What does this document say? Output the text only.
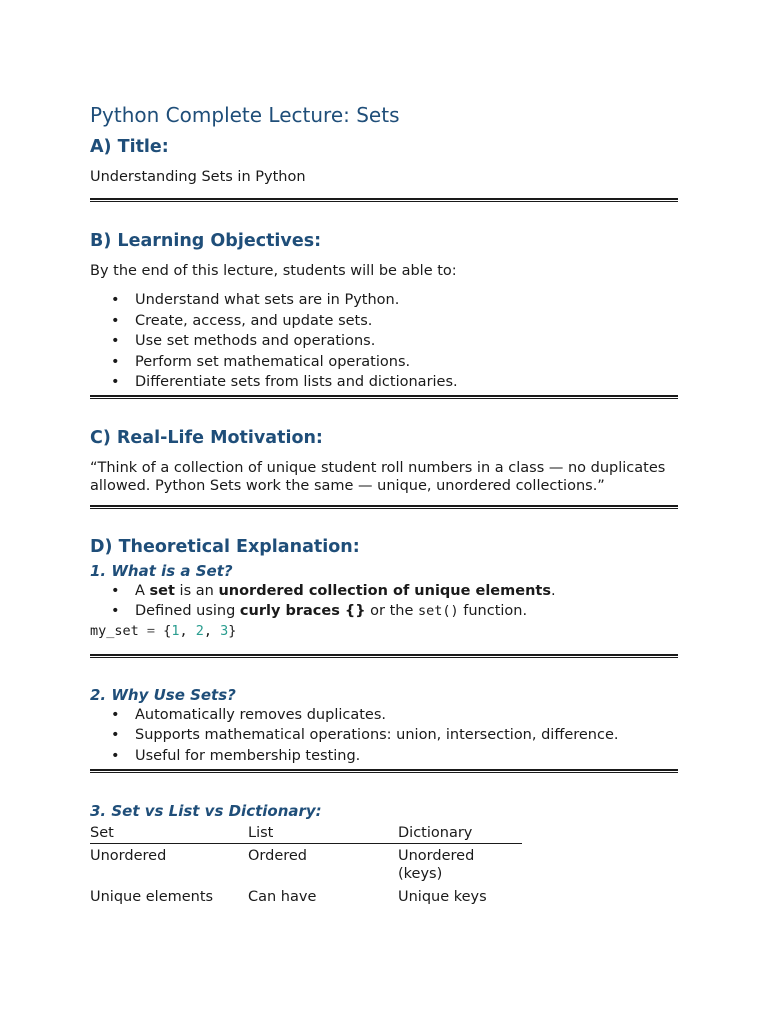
Python Complete Lecture: Sets
A) Title:

Understanding Sets in Python

B) Learning Objectives:

By the end of this lecture, students will be able to:

• Understand what sets are in Python.
• Create, access, and update sets.
• Use set methods and operations.
• Perform set mathematical operations.
• Differentiate sets from lists and dictionaries.
C) Real-Life Motivation:

“Think of a collection of unique student roll numbers in a class — no duplicates allowed. Python Sets work the same — unique, unordered collections.”

D) Theoretical Explanation:
1. What is a Set?
• A set is an unordered collection of unique elements.
• Defined using curly braces {} or the set() function.
my_set = {1, 2, 3}
2. Why Use Sets?
• Automatically removes duplicates.
• Supports mathematical operations: union, intersection, difference.
• Useful for membership testing.
3. Set vs List vs Dictionary:
Set	List	Dictionary
Unordered	Ordered	Unordered (keys)
Unique elements	Can have	Unique keys
